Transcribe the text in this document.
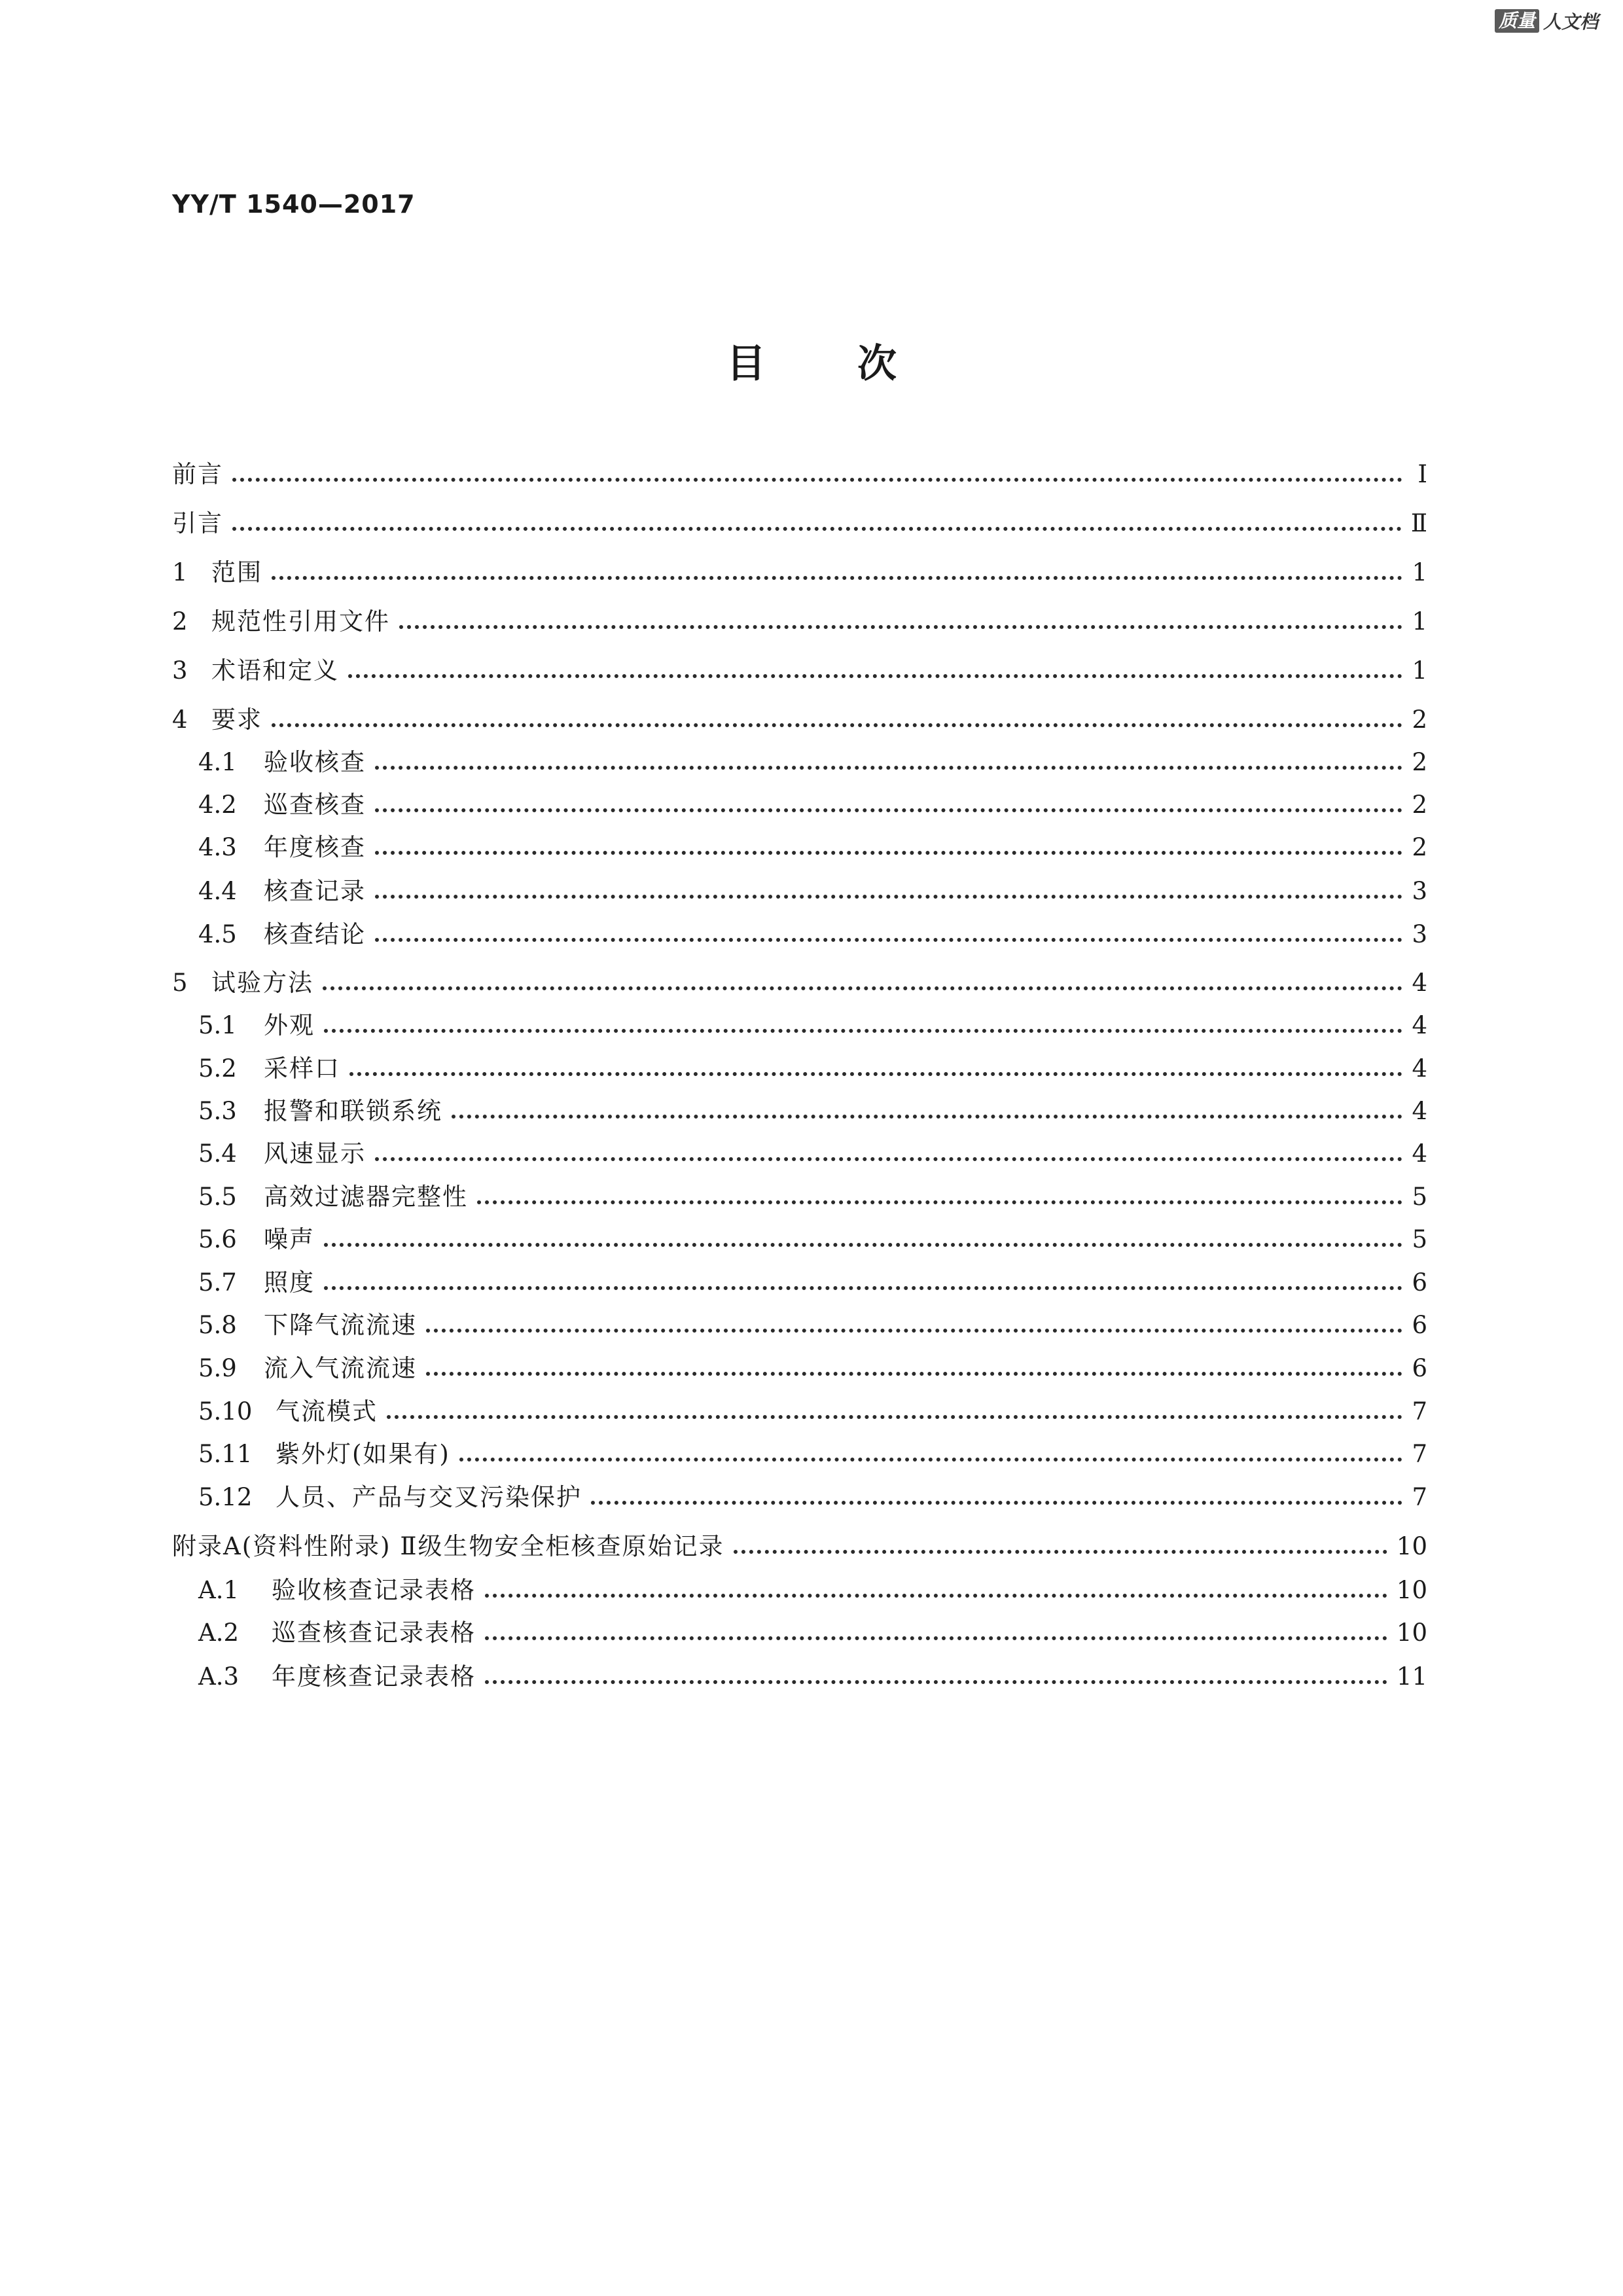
质量 人文档
YY/T 1540—2017
目次
前言	Ⅰ
引言	Ⅱ
1 范围	1
2 规范性引用文件	1
3 术语和定义	1
4 要求	2
4.1	验收核查	2
4.2	巡查核查	2
4.3	年度核查	2
4.4	核查记录	3
4.5	核查结论	3
5 试验方法	4
5.1	外观	4
5.2	采样口	4
5.3	报警和联锁系统	4
5.4	风速显示	4
5.5	高效过滤器完整性	5
5.6	噪声	5
5.7	照度	6
5.8	下降气流流速	6
5.9	流入气流流速	6
5.10 气流模式	7
5.11 紫外灯(如果有)	7
5.12 人员、产品与交叉污染保护	7
附录A(资料性附录) Ⅱ级生物安全柜核查原始记录	10
A.1	验收核查记录表格	10
A.2	巡查核查记录表格	10
A.3	年度核查记录表格	11
